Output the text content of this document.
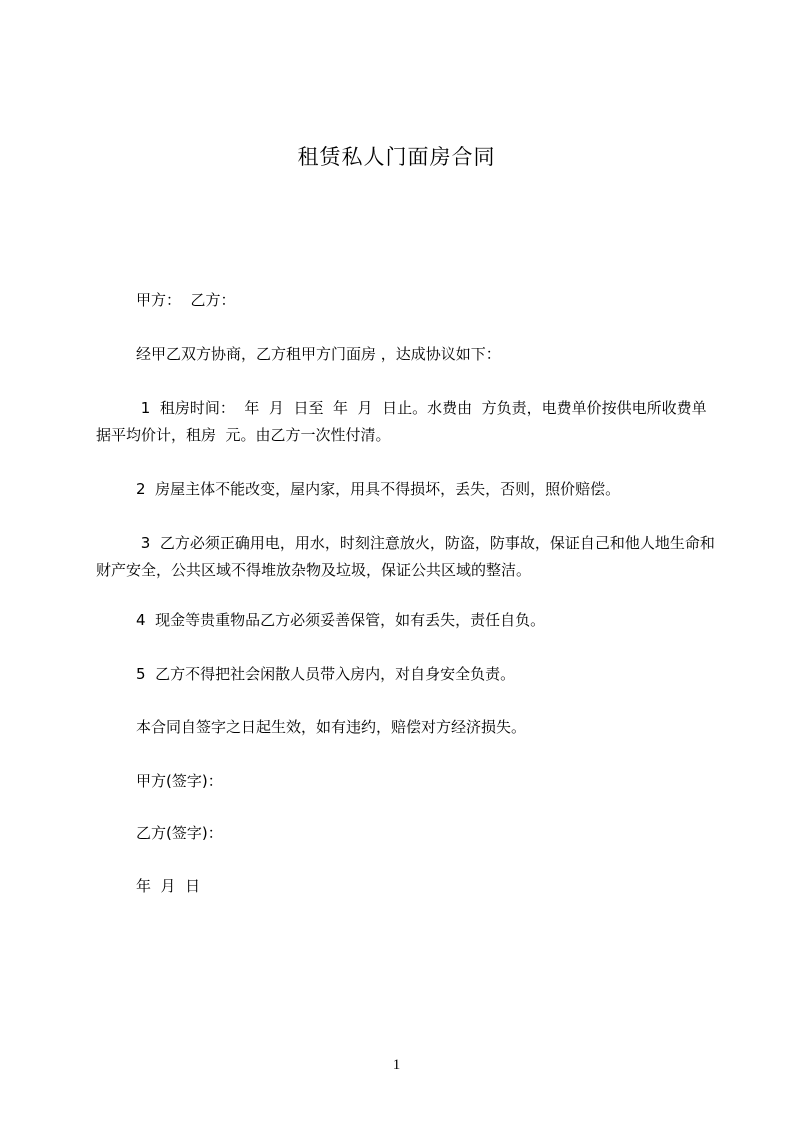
租赁私人门面房合同
甲方：  乙方：
经甲乙双方协商，乙方租甲方门面房 ，达成协议如下：
1  租房时间：  年  月  日至  年  月  日止。水费由  方负责，电费单价按供电所收费单据平均价计，租房  元。由乙方一次性付清。
2  房屋主体不能改变，屋内家，用具不得损坏，丢失，否则，照价赔偿。
3  乙方必须正确用电，用水，时刻注意放火，防盗，防事故，保证自己和他人地生命和财产安全，公共区域不得堆放杂物及垃圾，保证公共区域的整洁。
4  现金等贵重物品乙方必须妥善保管，如有丢失，责任自负。
5  乙方不得把社会闲散人员带入房内，对自身安全负责。
本合同自签字之日起生效，如有违约，赔偿对方经济损失。
甲方(签字)：
乙方(签字)：
年  月  日
1
